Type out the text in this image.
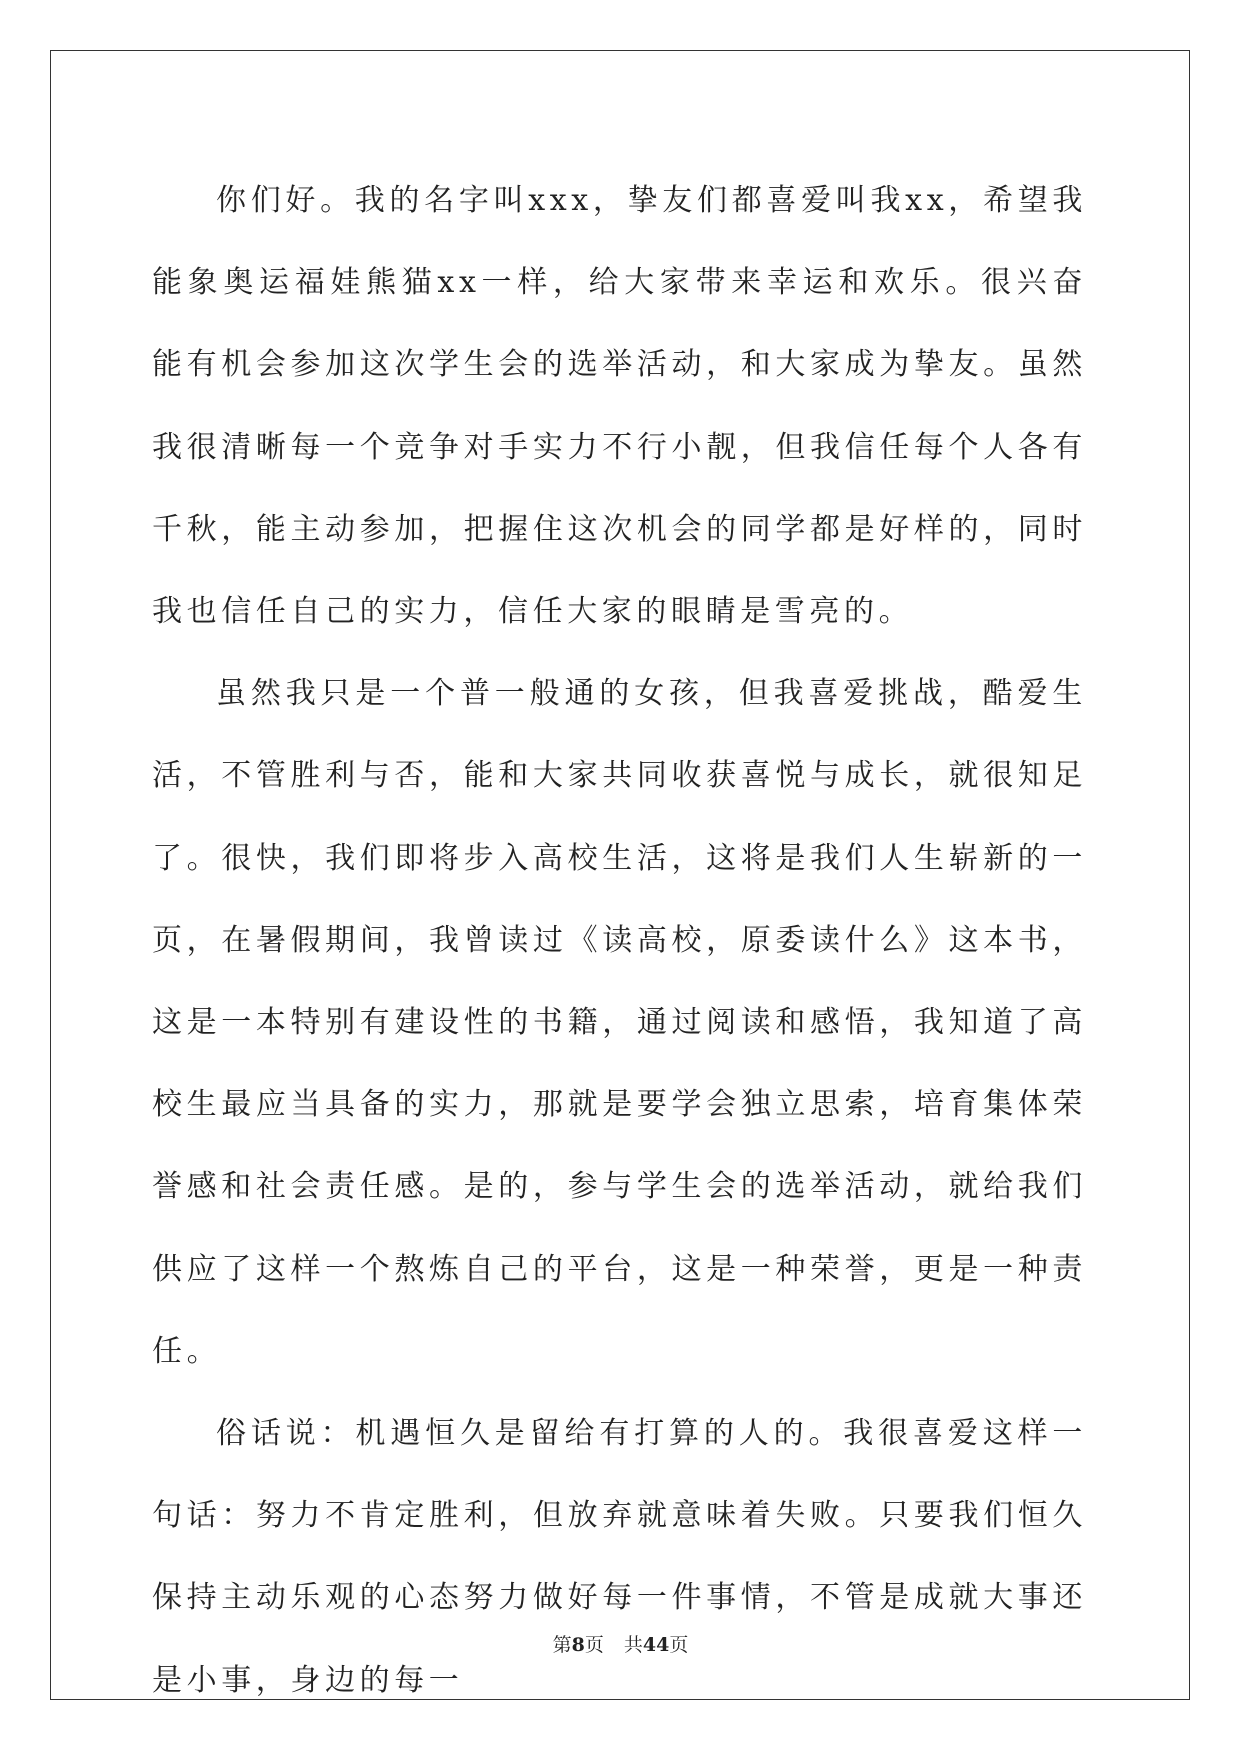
你们好。我的名字叫xxx，挚友们都喜爱叫我xx，希望我能象奥运福娃熊猫xx一样，给大家带来幸运和欢乐。很兴奋能有机会参加这次学生会的选举活动，和大家成为挚友。虽然我很清晰每一个竞争对手实力不行小靓，但我信任每个人各有千秋，能主动参加，把握住这次机会的同学都是好样的，同时我也信任自己的实力，信任大家的眼睛是雪亮的。

虽然我只是一个普一般通的女孩，但我喜爱挑战，酷爱生活，不管胜利与否，能和大家共同收获喜悦与成长，就很知足了。很快，我们即将步入高校生活，这将是我们人生崭新的一页，在暑假期间，我曾读过《读高校，原委读什么》这本书，这是一本特别有建设性的书籍，通过阅读和感悟，我知道了高校生最应当具备的实力，那就是要学会独立思索，培育集体荣誉感和社会责任感。是的，参与学生会的选举活动，就给我们供应了这样一个熬炼自己的平台，这是一种荣誉，更是一种责任。

俗话说：机遇恒久是留给有打算的人的。我很喜爱这样一句话：努力不肯定胜利，但放弃就意味着失败。只要我们恒久保持主动乐观的心态努力做好每一件事情，不管是成就大事还是小事，身边的每一

第8页 共44页
